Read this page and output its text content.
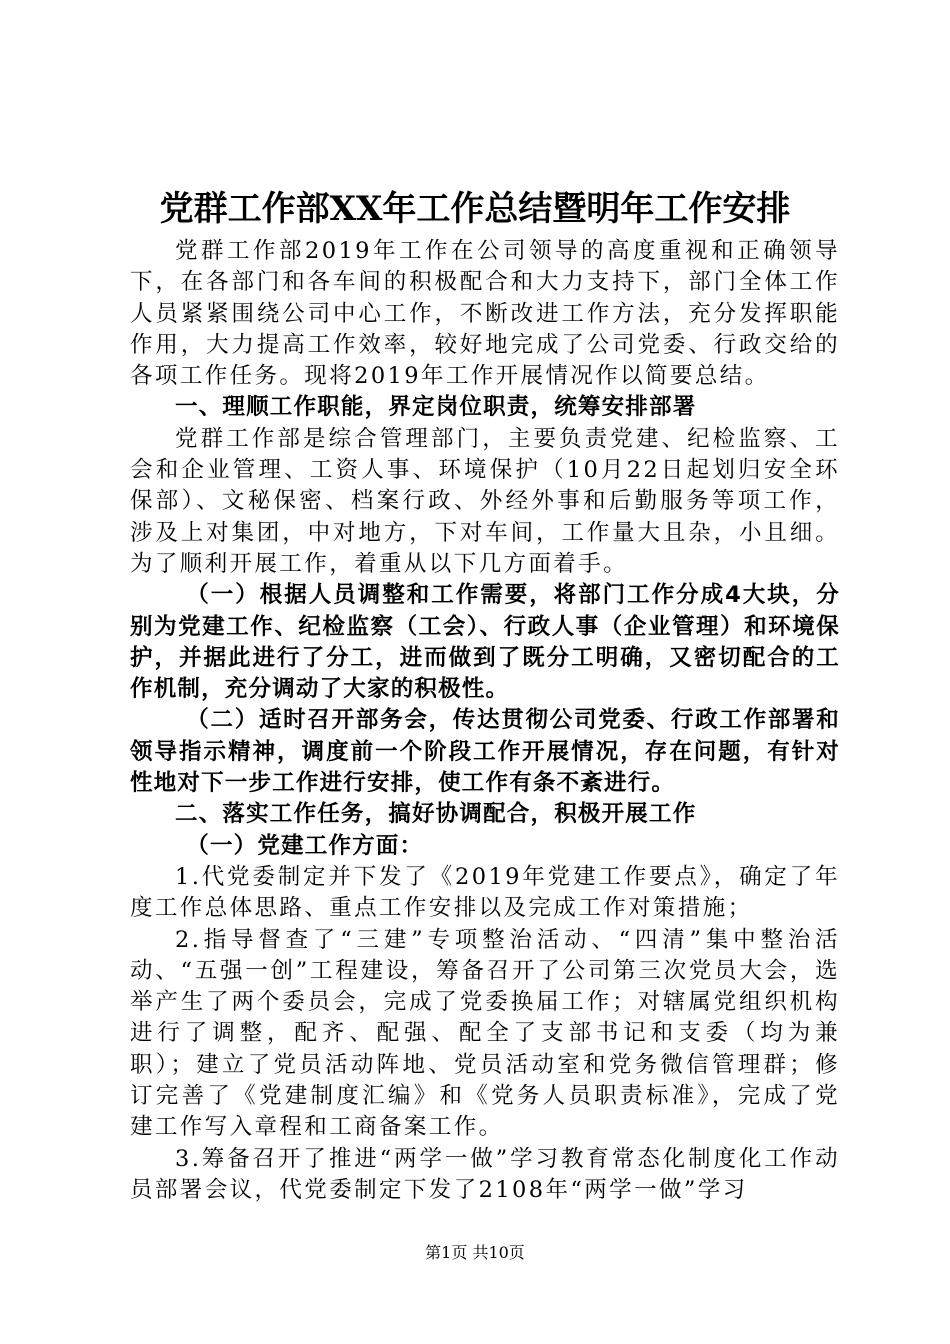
党群工作部XX年工作总结暨明年工作安排

党群工作部2019年工作在公司领导的高度重视和正确领导下，在各部门和各车间的积极配合和大力支持下，部门全体工作人员紧紧围绕公司中心工作，不断改进工作方法，充分发挥职能作用，大力提高工作效率，较好地完成了公司党委、行政交给的各项工作任务。现将2019年工作开展情况作以简要总结。

一、理顺工作职能，界定岗位职责，统筹安排部署

党群工作部是综合管理部门，主要负责党建、纪检监察、工会和企业管理、工资人事、环境保护（10月22日起划归安全环保部）、文秘保密、档案行政、外经外事和后勤服务等项工作，涉及上对集团，中对地方，下对车间，工作量大且杂，小且细。为了顺利开展工作，着重从以下几方面着手。

（一）根据人员调整和工作需要，将部门工作分成4大块，分别为党建工作、纪检监察（工会）、行政人事（企业管理）和环境保护，并据此进行了分工，进而做到了既分工明确，又密切配合的工作机制，充分调动了大家的积极性。

（二）适时召开部务会，传达贯彻公司党委、行政工作部署和领导指示精神，调度前一个阶段工作开展情况，存在问题，有针对性地对下一步工作进行安排，使工作有条不紊进行。

二、落实工作任务，搞好协调配合，积极开展工作

（一）党建工作方面：

1.代党委制定并下发了《2019年党建工作要点》，确定了年度工作总体思路、重点工作安排以及完成工作对策措施；

2.指导督查了“三建”专项整治活动、“四清”集中整治活动、“五强一创”工程建设，筹备召开了公司第三次党员大会，选举产生了两个委员会，完成了党委换届工作；对辖属党组织机构进行了调整，配齐、配强、配全了支部书记和支委（均为兼职）；建立了党员活动阵地、党员活动室和党务微信管理群；修订完善了《党建制度汇编》和《党务人员职责标准》，完成了党建工作写入章程和工商备案工作。

3.筹备召开了推进“两学一做”学习教育常态化制度化工作动员部署会议，代党委制定下发了2108年“两学一做”学习

第1页 共10页
